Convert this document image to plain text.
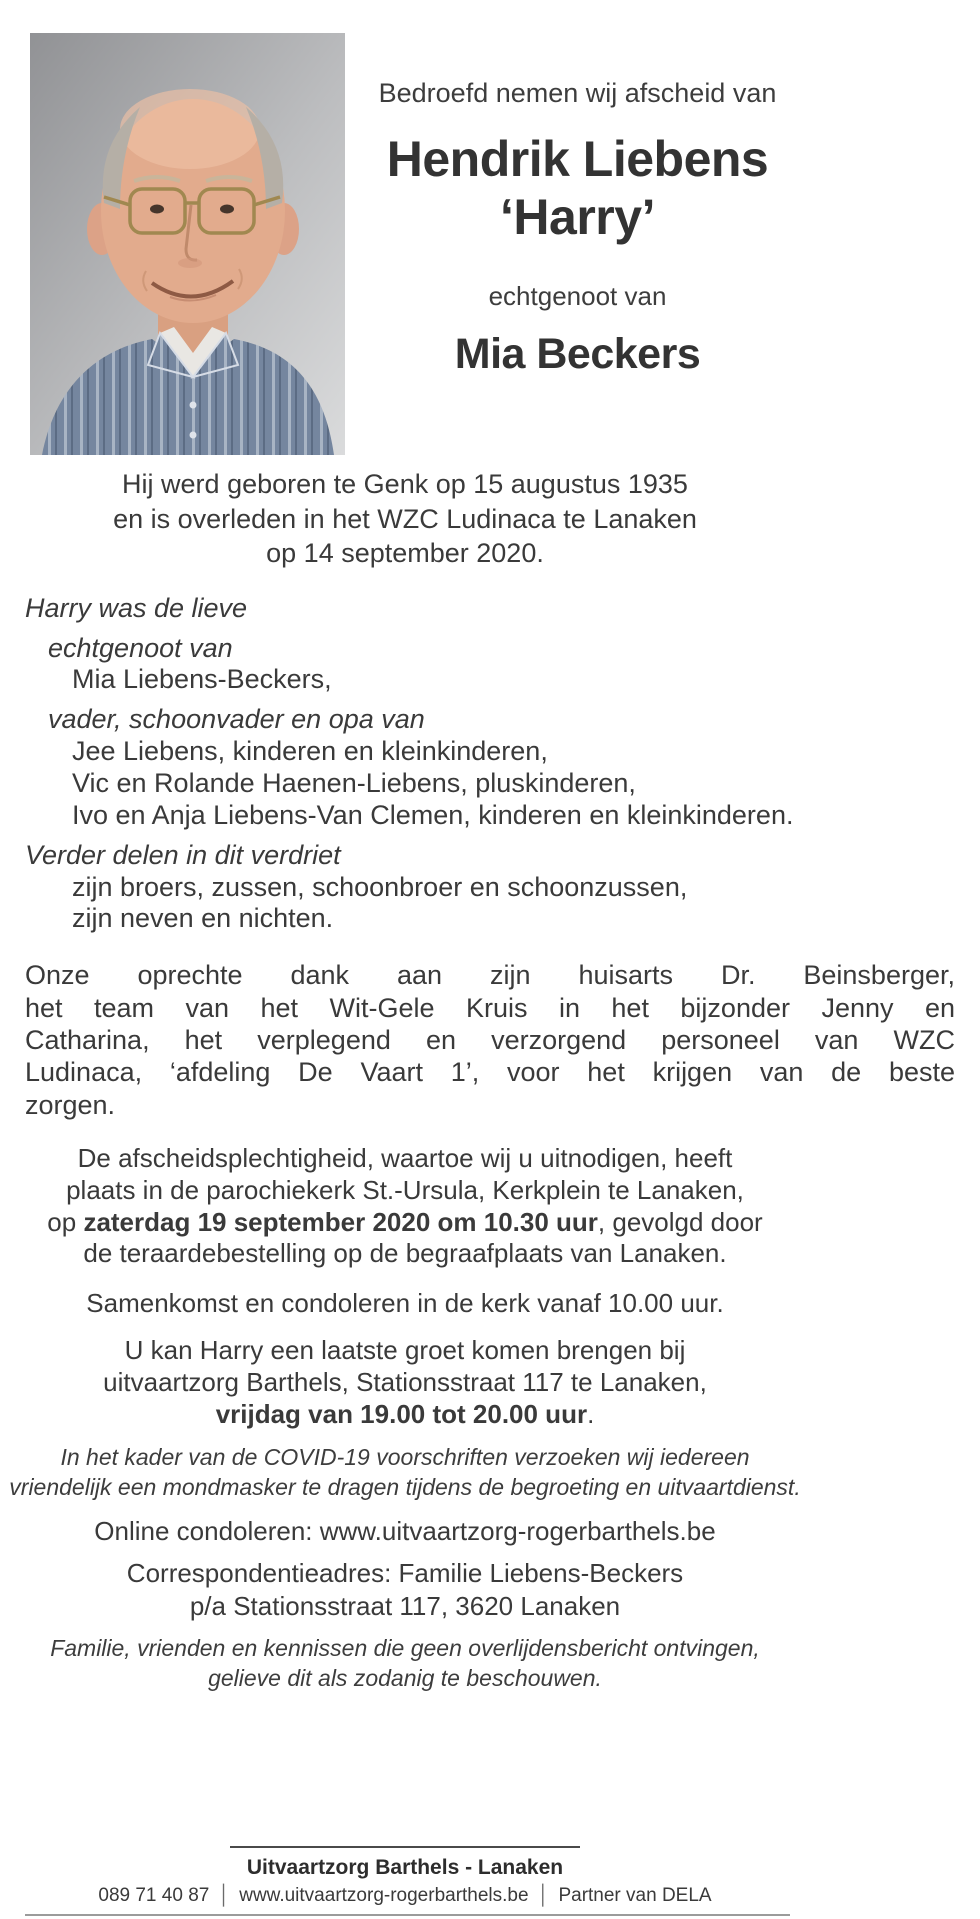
Bedroefd nemen wij afscheid van
Hendrik Liebens
‘Harry’
echtgenoot van
Mia Beckers
Hij werd geboren te Genk op 15 augustus 1935
en is overleden in het WZC Ludinaca te Lanaken
op 14 september 2020.
Harry was de lieve
echtgenoot van
Mia Liebens-Beckers,
vader, schoonvader en opa van
Jee Liebens, kinderen en kleinkinderen,
Vic en Rolande Haenen-Liebens, pluskinderen,
Ivo en Anja Liebens-Van Clemen, kinderen en kleinkinderen.
Verder delen in dit verdriet
zijn broers, zussen, schoonbroer en schoonzussen,
zijn neven en nichten.
Onze oprechte dank aan zijn huisarts Dr. Beinsberger,
het team van het Wit-Gele Kruis in het bijzonder Jenny en
Catharina, het verplegend en verzorgend personeel van WZC
Ludinaca, ‘afdeling De Vaart 1’, voor het krijgen van de beste
zorgen.
De afscheidsplechtigheid, waartoe wij u uitnodigen, heeft
plaats in de parochiekerk St.-Ursula, Kerkplein te Lanaken,
op zaterdag 19 september 2020 om 10.30 uur, gevolgd door
de teraardebestelling op de begraafplaats van Lanaken.
Samenkomst en condoleren in de kerk vanaf 10.00 uur.
U kan Harry een laatste groet komen brengen bij
uitvaartzorg Barthels, Stationsstraat 117 te Lanaken,
vrijdag van 19.00 tot 20.00 uur.
In het kader van de COVID-19 voorschriften verzoeken wij iedereen
vriendelijk een mondmasker te dragen tijdens de begroeting en uitvaartdienst.
Online condoleren: www.uitvaartzorg-rogerbarthels.be
Correspondentieadres: Familie Liebens-Beckers
p/a Stationsstraat 117, 3620 Lanaken
Familie, vrienden en kennissen die geen overlijdensbericht ontvingen,
gelieve dit als zodanig te beschouwen.
Uitvaartzorg Barthels - Lanaken
089 71 40 87 │ www.uitvaartzorg-rogerbarthels.be │ Partner van DELA
